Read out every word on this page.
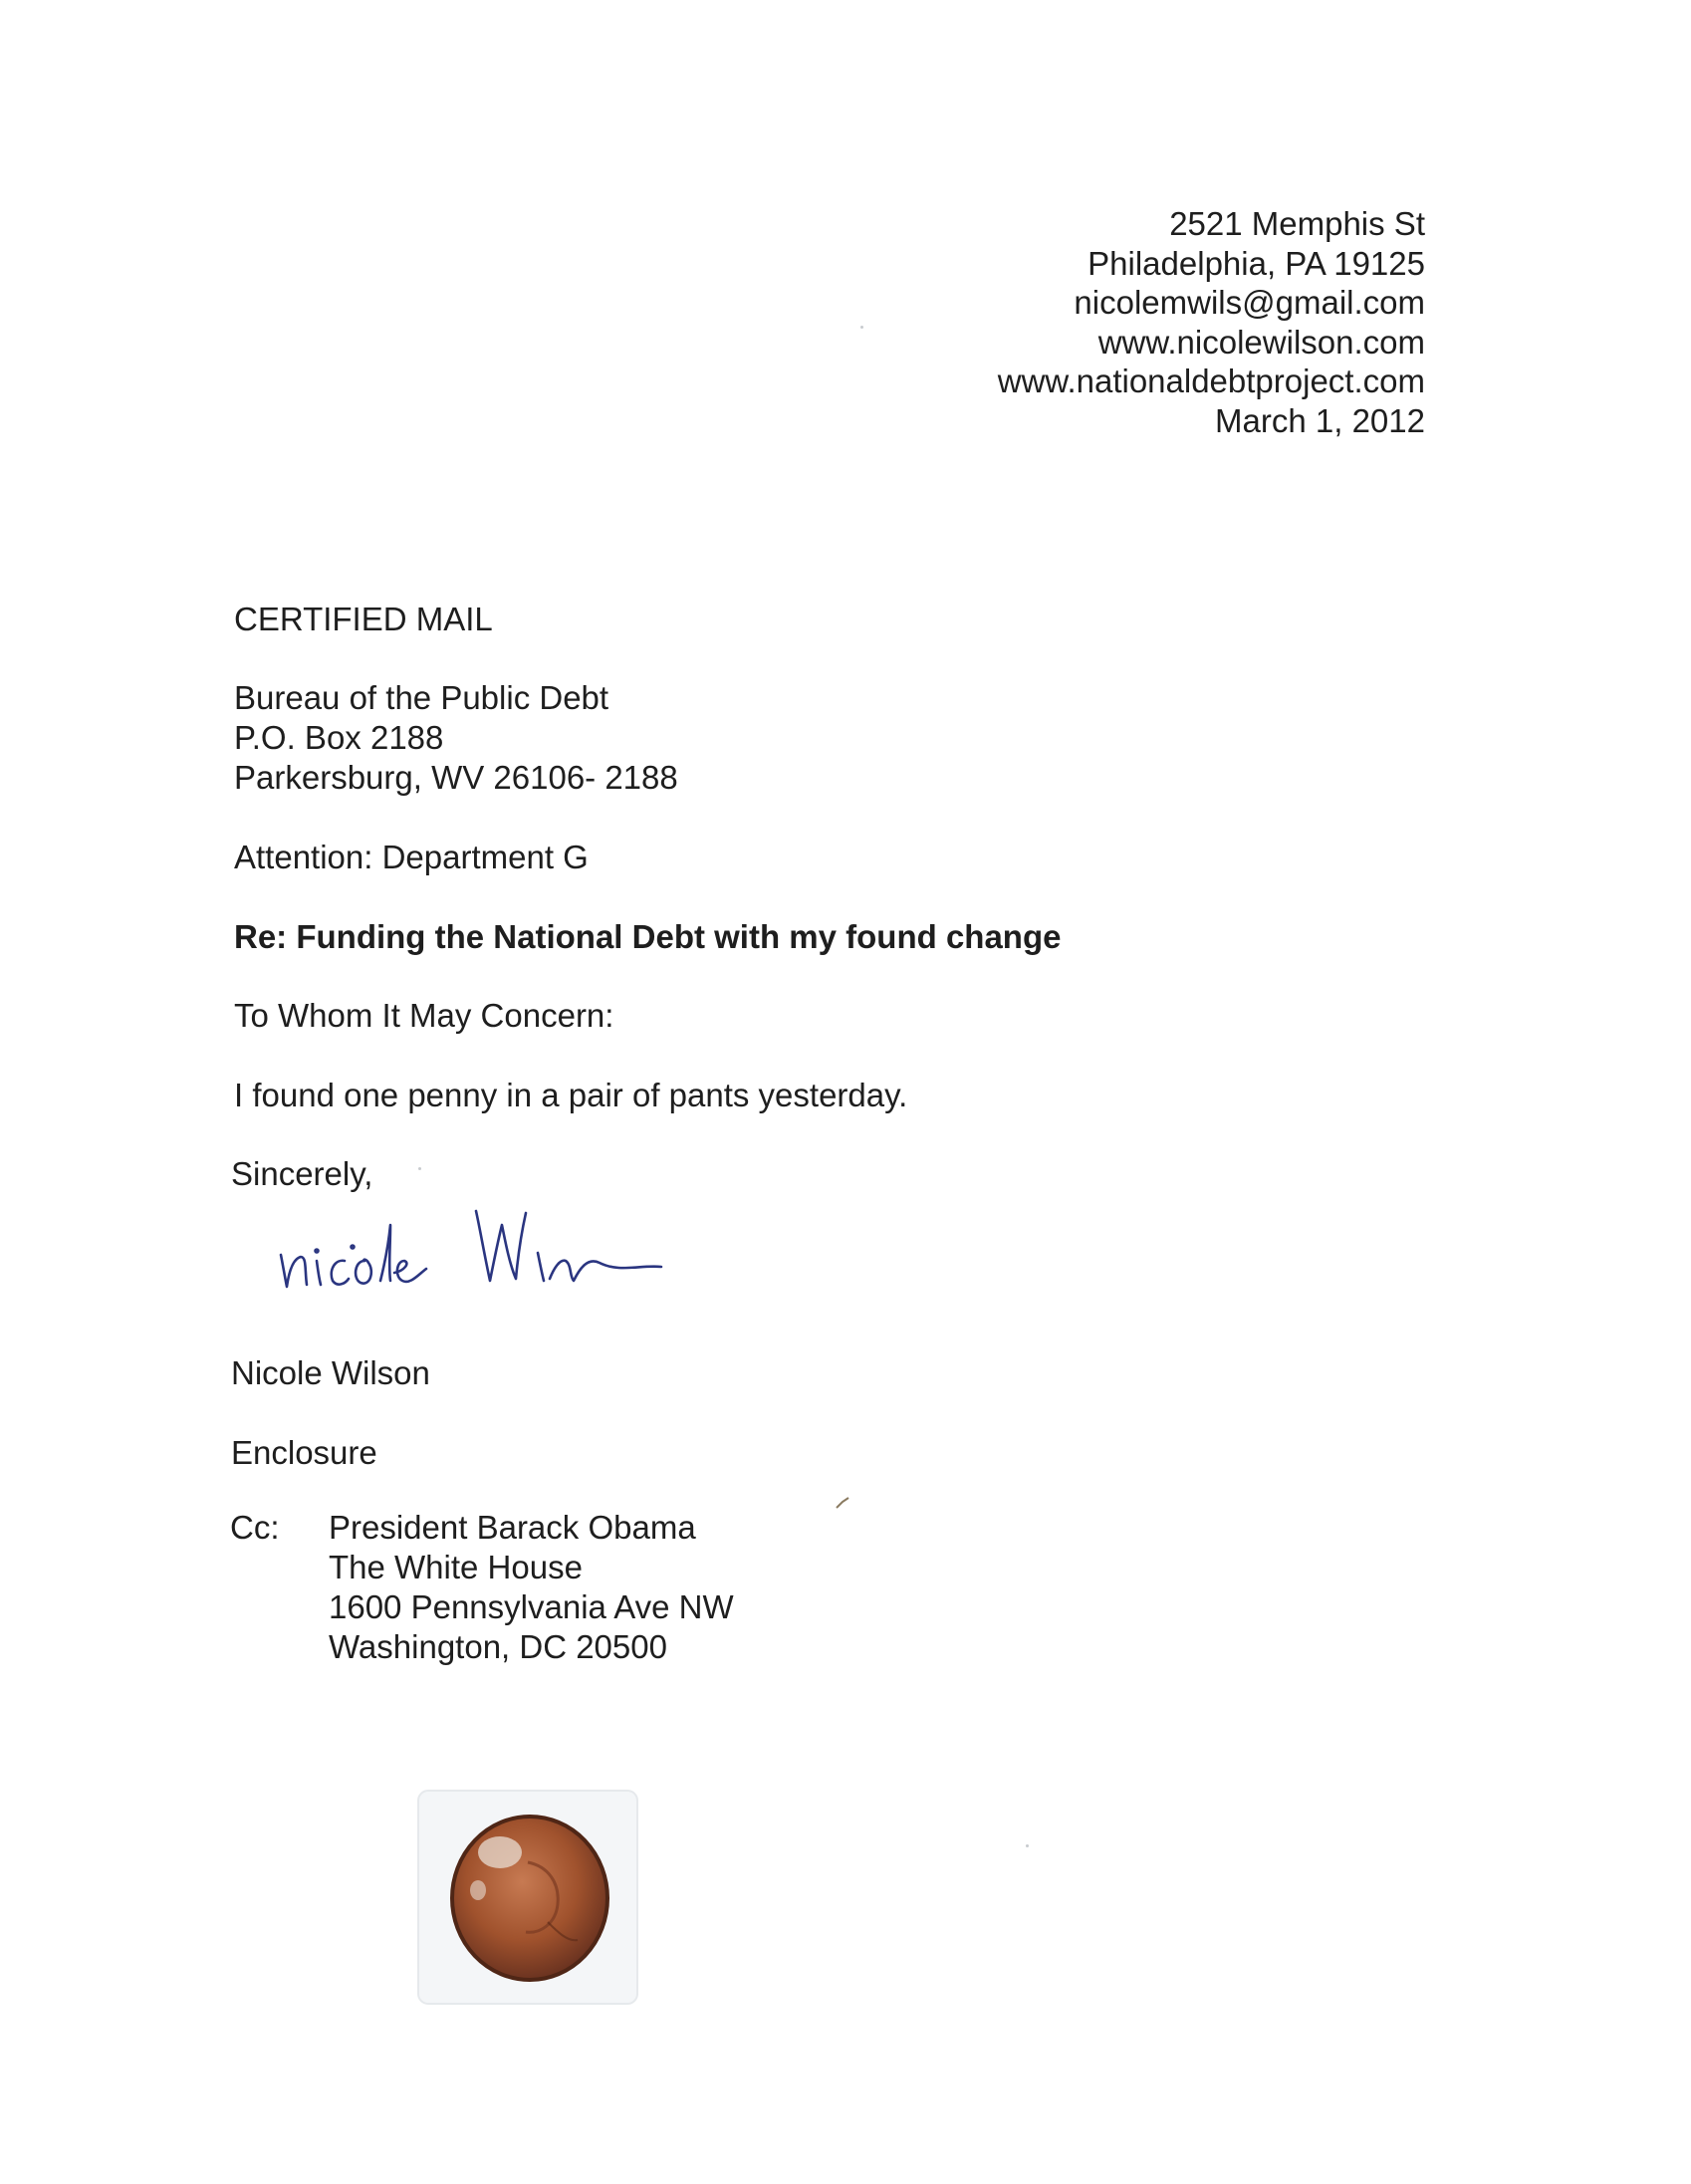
2521 Memphis St
Philadelphia, PA 19125
nicolemwils@gmail.com
www.nicolewilson.com
www.nationaldebtproject.com
March 1, 2012
CERTIFIED MAIL
Bureau of the Public Debt
P.O. Box 2188
Parkersburg, WV 26106- 2188
Attention: Department G
Re: Funding the National Debt with my found change
To Whom It May Concern:
I found one penny in a pair of pants yesterday.
Sincerely,
Nicole Wilson
Enclosure
Cc: President Barack Obama
The White House
1600 Pennsylvania Ave NW
Washington, DC 20500
